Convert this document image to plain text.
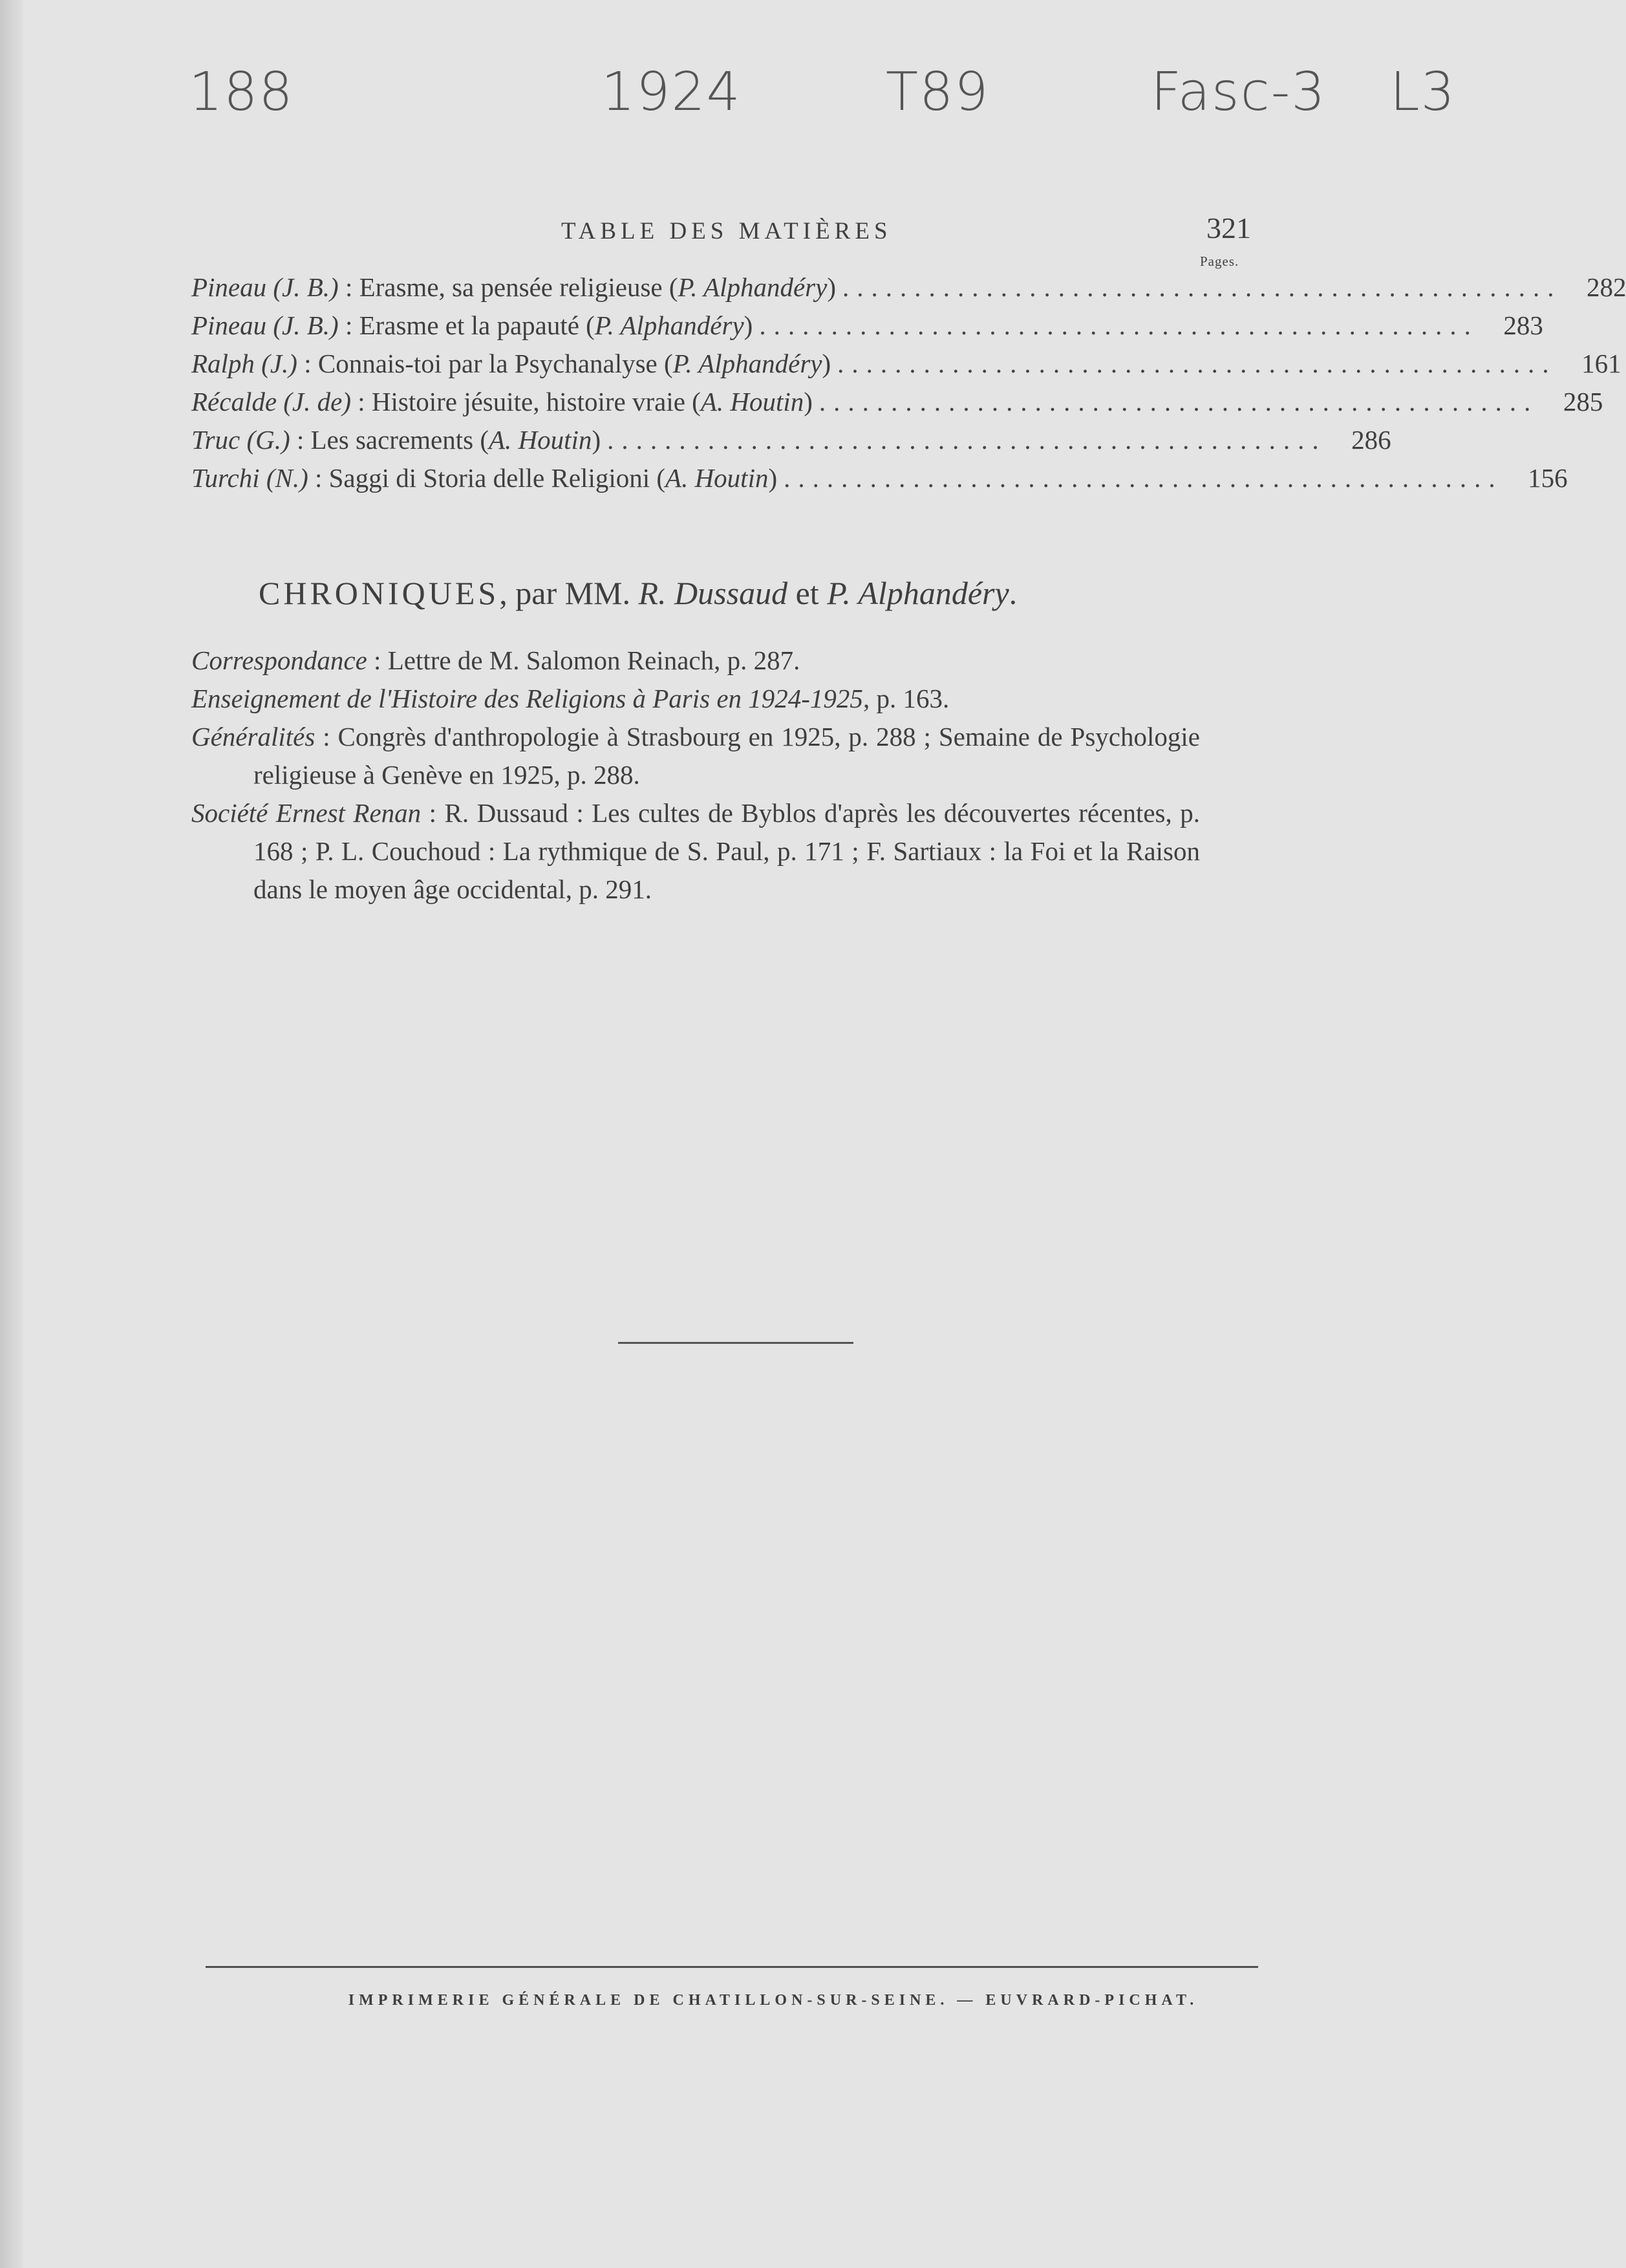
188	1924	T89	Fasc-3 L3
TABLE DES MATIÈRES	321
Pages.
Pineau (J. B.) : Erasme, sa pensée religieuse (P. Alphandéry) .................................................. 282
Pineau (J. B.) : Erasme et la papauté (P. Alphandéry) .................................................. 283
Ralph (J.) : Connais-toi par la Psychanalyse (P. Alphandéry) .................................................. 161
Récalde (J. de) : Histoire jésuite, histoire vraie (A. Houtin) .................................................. 285
Truc (G.) : Les sacrements (A. Houtin) .................................................. 286
Turchi (N.) : Saggi di Storia delle Religioni (A. Houtin) .................................................. 156
CHRONIQUES, par MM. R. Dussaud et P. Alphandéry.
Correspondance : Lettre de M. Salomon Reinach, p. 287.
Enseignement de l'Histoire des Religions à Paris en 1924-1925, p. 163.
Généralités : Congrès d'anthropologie à Strasbourg en 1925, p. 288 ; Semaine de Psychologie religieuse à Genève en 1925, p. 288.
Société Ernest Renan : R. Dussaud : Les cultes de Byblos d'après les découvertes récentes, p. 168 ; P. L. Couchoud : La rythmique de S. Paul, p. 171 ; F. Sartiaux : la Foi et la Raison dans le moyen âge occidental, p. 291.
IMPRIMERIE GÉNÉRALE DE CHATILLON-SUR-SEINE. — EUVRARD-PICHAT.
